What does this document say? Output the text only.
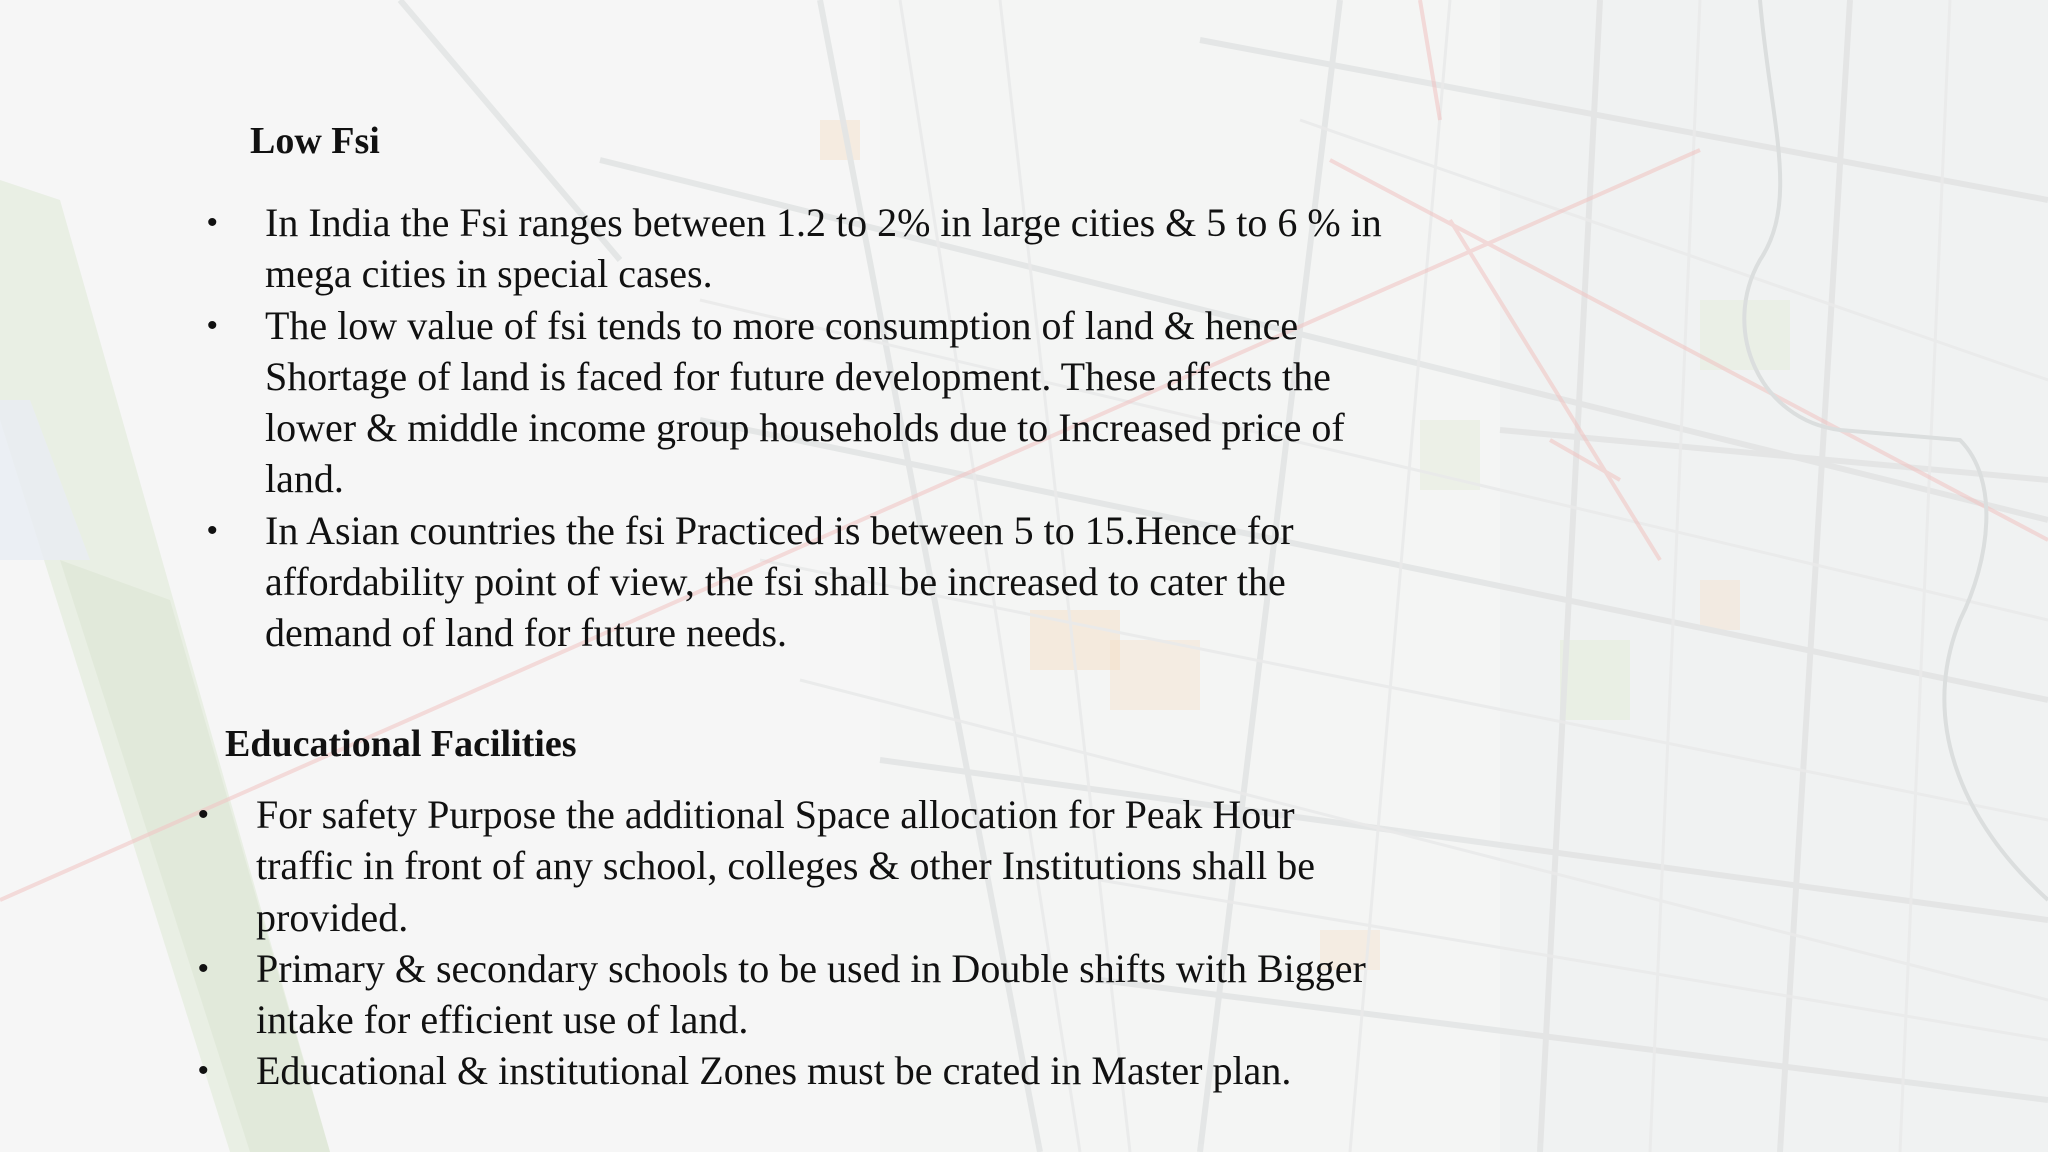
Low Fsi
• In India the Fsi ranges between 1.2 to 2% in large cities & 5 to 6 % in mega cities in special cases.
• The low value of fsi tends to more consumption of land & hence Shortage of land is faced for future development. These affects the lower & middle income group households due to Increased price of land.
• In Asian countries the fsi Practiced is between 5 to 15.Hence for affordability point of view, the fsi shall be increased to cater the demand of land for future needs.
Educational Facilities
• For safety Purpose the additional Space allocation for Peak Hour traffic in front of any school, colleges & other Institutions shall be provided.
• Primary & secondary schools to be used in Double shifts with Bigger intake for efficient use of land.
• Educational & institutional Zones must be crated in Master plan.
